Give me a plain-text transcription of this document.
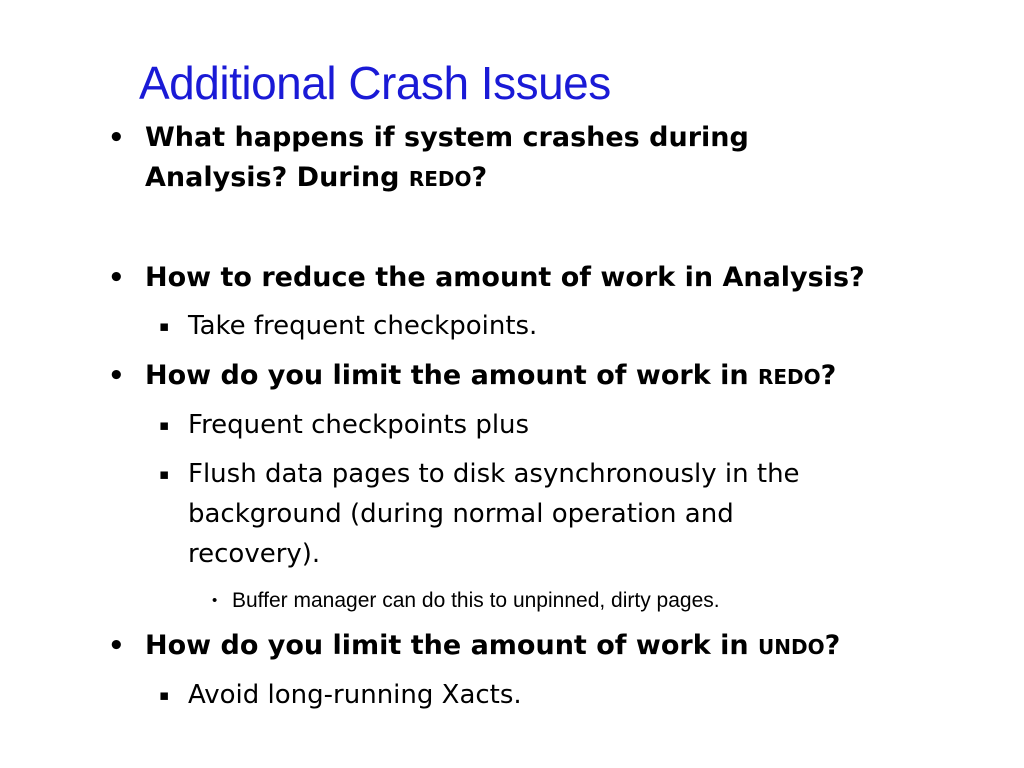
Additional Crash Issues
• What happens if system crashes during
Analysis? During REDO?
• How to reduce the amount of work in Analysis?
▪ Take frequent checkpoints.
• How do you limit the amount of work in REDO?
▪ Frequent checkpoints plus
▪ Flush data pages to disk asynchronously in the
background (during normal operation and
recovery).
• Buffer manager can do this to unpinned, dirty pages.
• How do you limit the amount of work in UNDO?
▪ Avoid long-running Xacts.
